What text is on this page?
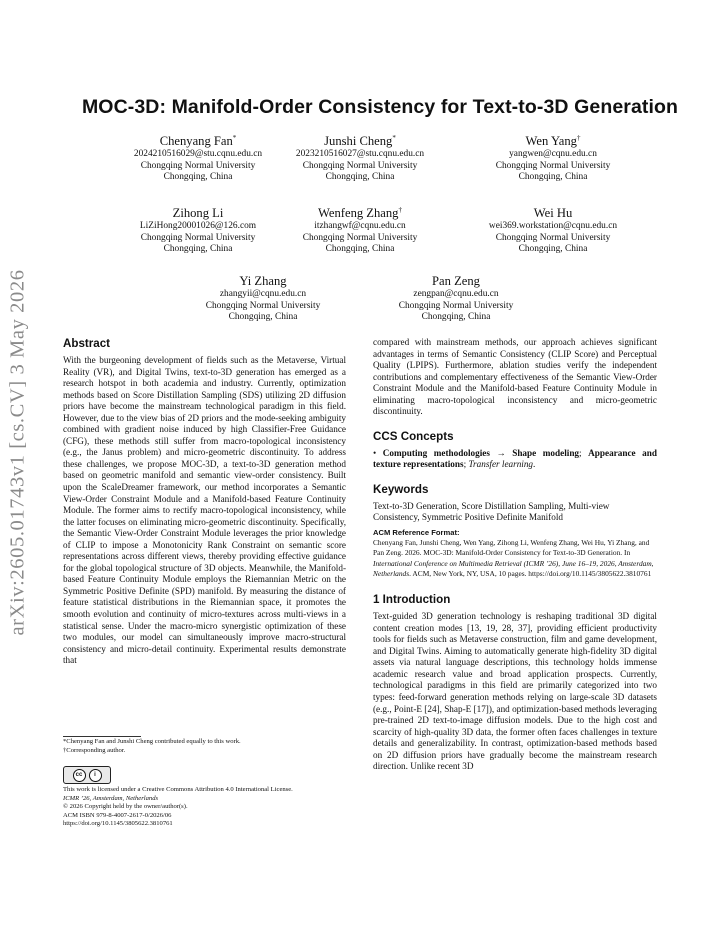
arXiv:2605.01743v1 [cs.CV] 3 May 2026
MOC-3D: Manifold-Order Consistency for Text-to-3D Generation
Chenyang Fan*
2024210516029@stu.cqnu.edu.cn
Chongqing Normal University
Chongqing, China
Junshi Cheng*
2023210516027@stu.cqnu.edu.cn
Chongqing Normal University
Chongqing, China
Wen Yang†
yangwen@cqnu.edu.cn
Chongqing Normal University
Chongqing, China
Zihong Li
LiZiHong20001026@126.com
Chongqing Normal University
Chongqing, China
Wenfeng Zhang†
itzhangwf@cqnu.edu.cn
Chongqing Normal University
Chongqing, China
Wei Hu
wei369.workstation@cqnu.edu.cn
Chongqing Normal University
Chongqing, China
Yi Zhang
zhangyii@cqnu.edu.cn
Chongqing Normal University
Chongqing, China
Pan Zeng
zengpan@cqnu.edu.cn
Chongqing Normal University
Chongqing, China
Abstract

With the burgeoning development of fields such as the Metaverse, Virtual Reality (VR), and Digital Twins, text-to-3D generation has emerged as a research hotspot in both academia and industry. Currently, optimization methods based on Score Distillation Sampling (SDS) utilizing 2D diffusion priors have become the mainstream technological paradigm in this field. However, due to the view bias of 2D priors and the mode-seeking ambiguity combined with gradient noise induced by high Classifier-Free Guidance (CFG), these methods still suffer from macro-topological inconsistency (e.g., the Janus problem) and micro-geometric discontinuity. To address these challenges, we propose MOC-3D, a text-to-3D generation method based on geometric manifold and semantic view-order consistency. Built upon the ScaleDreamer framework, our method incorporates a Semantic View-Order Constraint Module and a Manifold-based Feature Continuity Module. The former aims to rectify macro-topological inconsistency, while the latter focuses on eliminating micro-geometric discontinuity. Specifically, the Semantic View-Order Constraint Module leverages the prior knowledge of CLIP to impose a Monotonicity Rank Constraint on semantic score representations across different views, thereby providing effective guidance for the global topological structure of 3D objects. Meanwhile, the Manifold-based Feature Continuity Module employs the Riemannian Metric on the Symmetric Positive Definite (SPD) manifold. By measuring the distance of feature statistical distributions in the Riemannian space, it promotes the smooth evolution and continuity of micro-textures across multi-views in a statistical sense. Under the macro-micro synergistic optimization of these two modules, our model can simultaneously improve macro-structural consistency and micro-detail continuity. Experimental results demonstrate that

*Chenyang Fan and Junshi Cheng contributed equally to this work.
†Corresponding author.
cc	i
This work is licensed under a Creative Commons Attribution 4.0 International License.
ICMR ’26, Amsterdam, Netherlands
© 2026 Copyright held by the owner/author(s).
ACM ISBN 979-8-4007-2617-0/2026/06
https://doi.org/10.1145/3805622.3810761

compared with mainstream methods, our approach achieves significant advantages in terms of Semantic Consistency (CLIP Score) and Perceptual Quality (LPIPS). Furthermore, ablation studies verify the independent contributions and complementary effectiveness of the Semantic View-Order Constraint Module and the Manifold-based Feature Continuity Module in eliminating macro-topological inconsistency and micro-geometric discontinuity.

CCS Concepts

• Computing methodologies → Shape modeling; Appearance and texture representations; Transfer learning.

Keywords

Text-to-3D Generation, Score Distillation Sampling, Multi-view Consistency, Symmetric Positive Definite Manifold

ACM Reference Format:
Chenyang Fan, Junshi Cheng, Wen Yang, Zihong Li, Wenfeng Zhang, Wei Hu, Yi Zhang, and Pan Zeng. 2026. MOC-3D: Manifold-Order Consistency for Text-to-3D Generation. In International Conference on Multimedia Retrieval (ICMR ’26), June 16–19, 2026, Amsterdam, Netherlands. ACM, New York, NY, USA, 10 pages. https://doi.org/10.1145/3805622.3810761
1 Introduction

Text-guided 3D generation technology is reshaping traditional 3D digital content creation modes [13, 19, 28, 37], providing efficient productivity tools for fields such as Metaverse construction, film and game development, and Digital Twins. Aiming to automatically generate high-fidelity 3D digital assets via natural language descriptions, this technology holds immense academic research value and broad application prospects. Currently, technological paradigms in this field are primarily categorized into two types: feed-forward generation methods relying on large-scale 3D datasets (e.g., Point-E [24], Shap-E [17]), and optimization-based methods leveraging pre-trained 2D text-to-image diffusion models. Due to the high cost and scarcity of high-quality 3D data, the former often faces challenges in texture details and generalizability. In contrast, optimization-based methods based on 2D diffusion priors have gradually become the mainstream research direction. Unlike recent 3D
